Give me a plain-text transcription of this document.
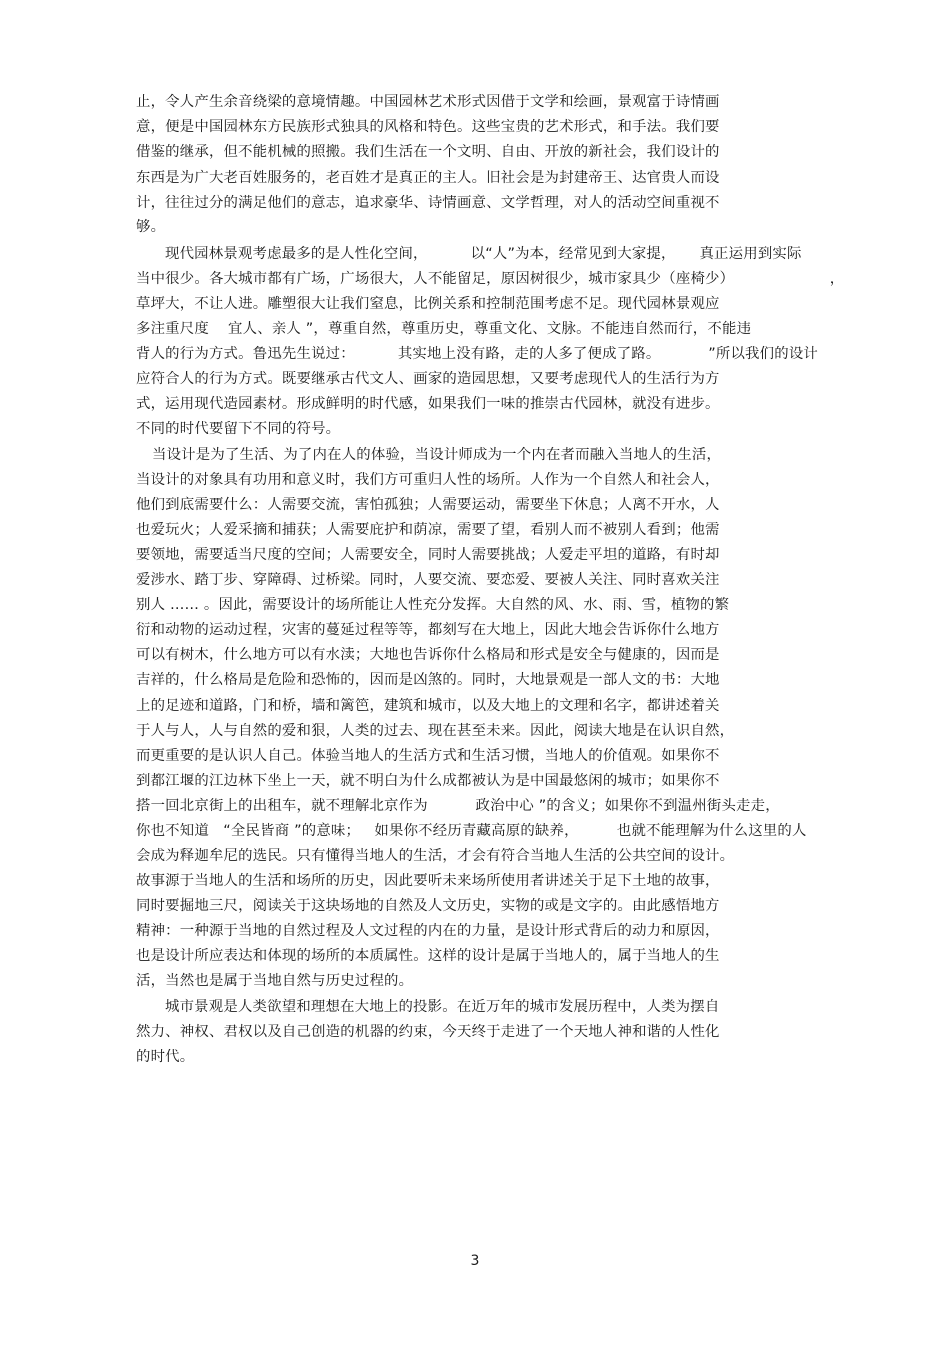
止，令人产生余音绕梁的意境情趣。中国园林艺术形式因借于文学和绘画，景观富于诗情画
意，便是中国园林东方民族形式独具的风格和特色。这些宝贵的艺术形式，和手法。我们要
借鉴的继承，但不能机械的照搬。我们生活在一个文明、自由、开放的新社会，我们设计的
东西是为广大老百姓服务的，老百姓才是真正的主人。旧社会是为封建帝王、达官贵人而设
计，往往过分的满足他们的意志，追求豪华、诗情画意、文学哲理，对人的活动空间重视不
够。
现代园林景观考虑最多的是人性化空间，         以“人”为本，经常见到大家提，     真正运用到实际
当中很少。各大城市都有广场，广场很大，人不能留足，原因树很少，城市家具少（座椅少）                    ，
草坪大，不让人进。雕塑很大让我们窒息，比例关系和控制范围考虑不足。现代园林景观应
多注重尺度    宜人、亲人 ”，尊重自然，尊重历史，尊重文化、文脉。不能违自然而行，不能违
背人的行为方式。鲁迅先生说过：         其实地上没有路，走的人多了便成了路。          ”所以我们的设计
应符合人的行为方式。既要继承古代文人、画家的造园思想，又要考虑现代人的生活行为方
式，运用现代造园素材。形成鲜明的时代感，如果我们一味的推崇古代园林，就没有进步。
不同的时代要留下不同的符号。
当设计是为了生活、为了内在人的体验，当设计师成为一个内在者而融入当地人的生活，
当设计的对象具有功用和意义时，我们方可重归人性的场所。人作为一个自然人和社会人，
他们到底需要什么：人需要交流，害怕孤独；人需要运动，需要坐下休息；人离不开水，人
也爱玩火；人爱采摘和捕获；人需要庇护和荫凉，需要了望，看别人而不被别人看到；他需
要领地，需要适当尺度的空间；人需要安全，同时人需要挑战；人爱走平坦的道路，有时却
爱涉水、踏丁步、穿障碍、过桥梁。同时，人要交流、要恋爱、要被人关注、同时喜欢关注
别人 …… 。因此，需要设计的场所能让人性充分发挥。大自然的风、水、雨、雪，植物的繁
衍和动物的运动过程，灾害的蔓延过程等等，都刻写在大地上，因此大地会告诉你什么地方
可以有树木，什么地方可以有水渎；大地也告诉你什么格局和形式是安全与健康的，因而是
吉祥的，什么格局是危险和恐怖的，因而是凶煞的。同时，大地景观是一部人文的书：大地
上的足迹和道路，门和桥，墙和篱笆，建筑和城市，以及大地上的文理和名字，都讲述着关
于人与人，人与自然的爱和狠，人类的过去、现在甚至未来。因此，阅读大地是在认识自然，
而更重要的是认识人自己。体验当地人的生活方式和生活习惯，当地人的价值观。如果你不
到都江堰的江边林下坐上一天，就不明白为什么成都被认为是中国最悠闲的城市；如果你不
搭一回北京街上的出租车，就不理解北京作为          政治中心 ”的含义；如果你不到温州街头走走，
你也不知道   “全民皆商 ”的意味；   如果你不经历青藏高原的缺养，        也就不能理解为什么这里的人
会成为释迦牟尼的选民。只有懂得当地人的生活，才会有符合当地人生活的公共空间的设计。
故事源于当地人的生活和场所的历史，因此要听未来场所使用者讲述关于足下土地的故事，
同时要掘地三尺，阅读关于这块场地的自然及人文历史，实物的或是文字的。由此感悟地方
精神：一种源于当地的自然过程及人文过程的内在的力量，是设计形式背后的动力和原因，
也是设计所应表达和体现的场所的本质属性。这样的设计是属于当地人的，属于当地人的生
活，当然也是属于当地自然与历史过程的。
城市景观是人类欲望和理想在大地上的投影。在近万年的城市发展历程中，人类为摆自
然力、神权、君权以及自己创造的机器的约束，今天终于走进了一个天地人神和谐的人性化
的时代。
3
